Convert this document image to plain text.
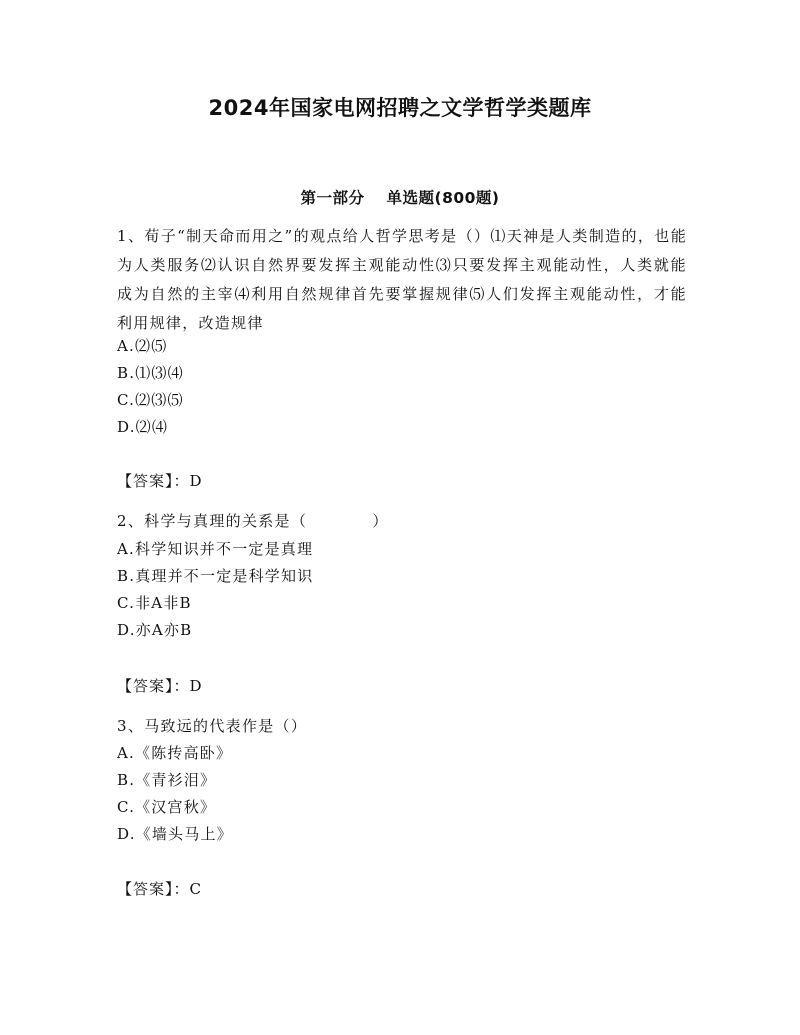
2024年国家电网招聘之文学哲学类题库
第一部分 单选题(800题)
1、荀子“制天命而用之”的观点给人哲学思考是（）⑴天神是人类制造的，也能为人类服务⑵认识自然界要发挥主观能动性⑶只要发挥主观能动性，人类就能成为自然的主宰⑷利用自然规律首先要掌握规律⑸人们发挥主观能动性，才能利用规律，改造规律
A.⑵⑸
B.⑴⑶⑷
C.⑵⑶⑸
D.⑵⑷
【答案】：D
2、科学与真理的关系是（　　　　）
A.科学知识并不一定是真理
B.真理并不一定是科学知识
C.非A非B
D.亦A亦B
【答案】：D
3、马致远的代表作是（）
A.《陈抟高卧》
B.《青衫泪》
C.《汉宫秋》
D.《墙头马上》
【答案】：C
